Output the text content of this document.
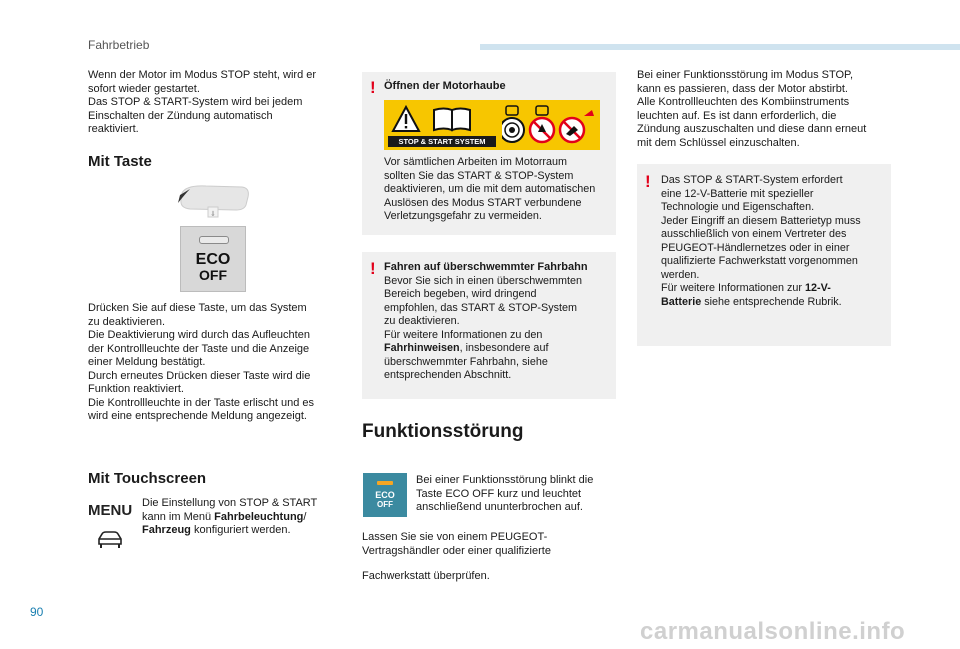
Fahrbetrieb
Wenn der Motor im Modus STOP steht, wird er
sofort wieder gestartet.
Das STOP & START-System wird bei jedem
Einschalten der Zündung automatisch
reaktiviert.
Mit Taste
⇓
ECO
OFF
Drücken Sie auf diese Taste, um das System
zu deaktivieren.
Die Deaktivierung wird durch das Aufleuchten
der Kontrollleuchte der Taste und die Anzeige
einer Meldung bestätigt.
Durch erneutes Drücken dieser Taste wird die
Funktion reaktiviert.
Die Kontrollleuchte in der Taste erlischt und es
wird eine entsprechende Meldung angezeigt.
Mit Touchscreen
MENU Die Einstellung von STOP & START
kann im Menü Fahrbeleuchtung/
Fahrzeug konfiguriert werden.
! Öffnen der Motorhaube
STOP & START SYSTEM
Vor sämtlichen Arbeiten im Motorraum
sollten Sie das START & STOP-System
deaktivieren, um die mit dem automatischen
Auslösen des Modus START verbundene
Verletzungsgefahr zu vermeiden.
! Fahren auf überschwemmter Fahrbahn
Bevor Sie sich in einen überschwemmten
Bereich begeben, wird dringend
empfohlen, das START & STOP-System
zu deaktivieren.
Für weitere Informationen zu den
Fahrhinweisen, insbesondere auf
überschwemmter Fahrbahn, siehe
entsprechenden Abschnitt.
Funktionsstörung
ECO
OFF
Bei einer Funktionsstörung blinkt die
Taste ECO OFF kurz und leuchtet
anschließend ununterbrochen auf.
Lassen Sie sie von einem PEUGEOT-
Vertragshändler oder einer qualifizierte
Fachwerkstatt überprüfen.
Bei einer Funktionsstörung im Modus STOP,
kann es passieren, dass der Motor abstirbt.
Alle Kontrollleuchten des Kombiinstruments
leuchten auf. Es ist dann erforderlich, die
Zündung auszuschalten und diese dann erneut
mit dem Schlüssel einzuschalten.
! Das STOP & START-System erfordert
eine 12-V-Batterie mit spezieller
Technologie und Eigenschaften.
Jeder Eingriff an diesem Batterietyp muss
ausschließlich von einem Vertreter des
PEUGEOT-Händlernetzes oder in einer
qualifizierte Fachwerkstatt vorgenommen
werden.
Für weitere Informationen zur 12-V-
Batterie siehe entsprechende Rubrik.
90
carmanualsonline.info
